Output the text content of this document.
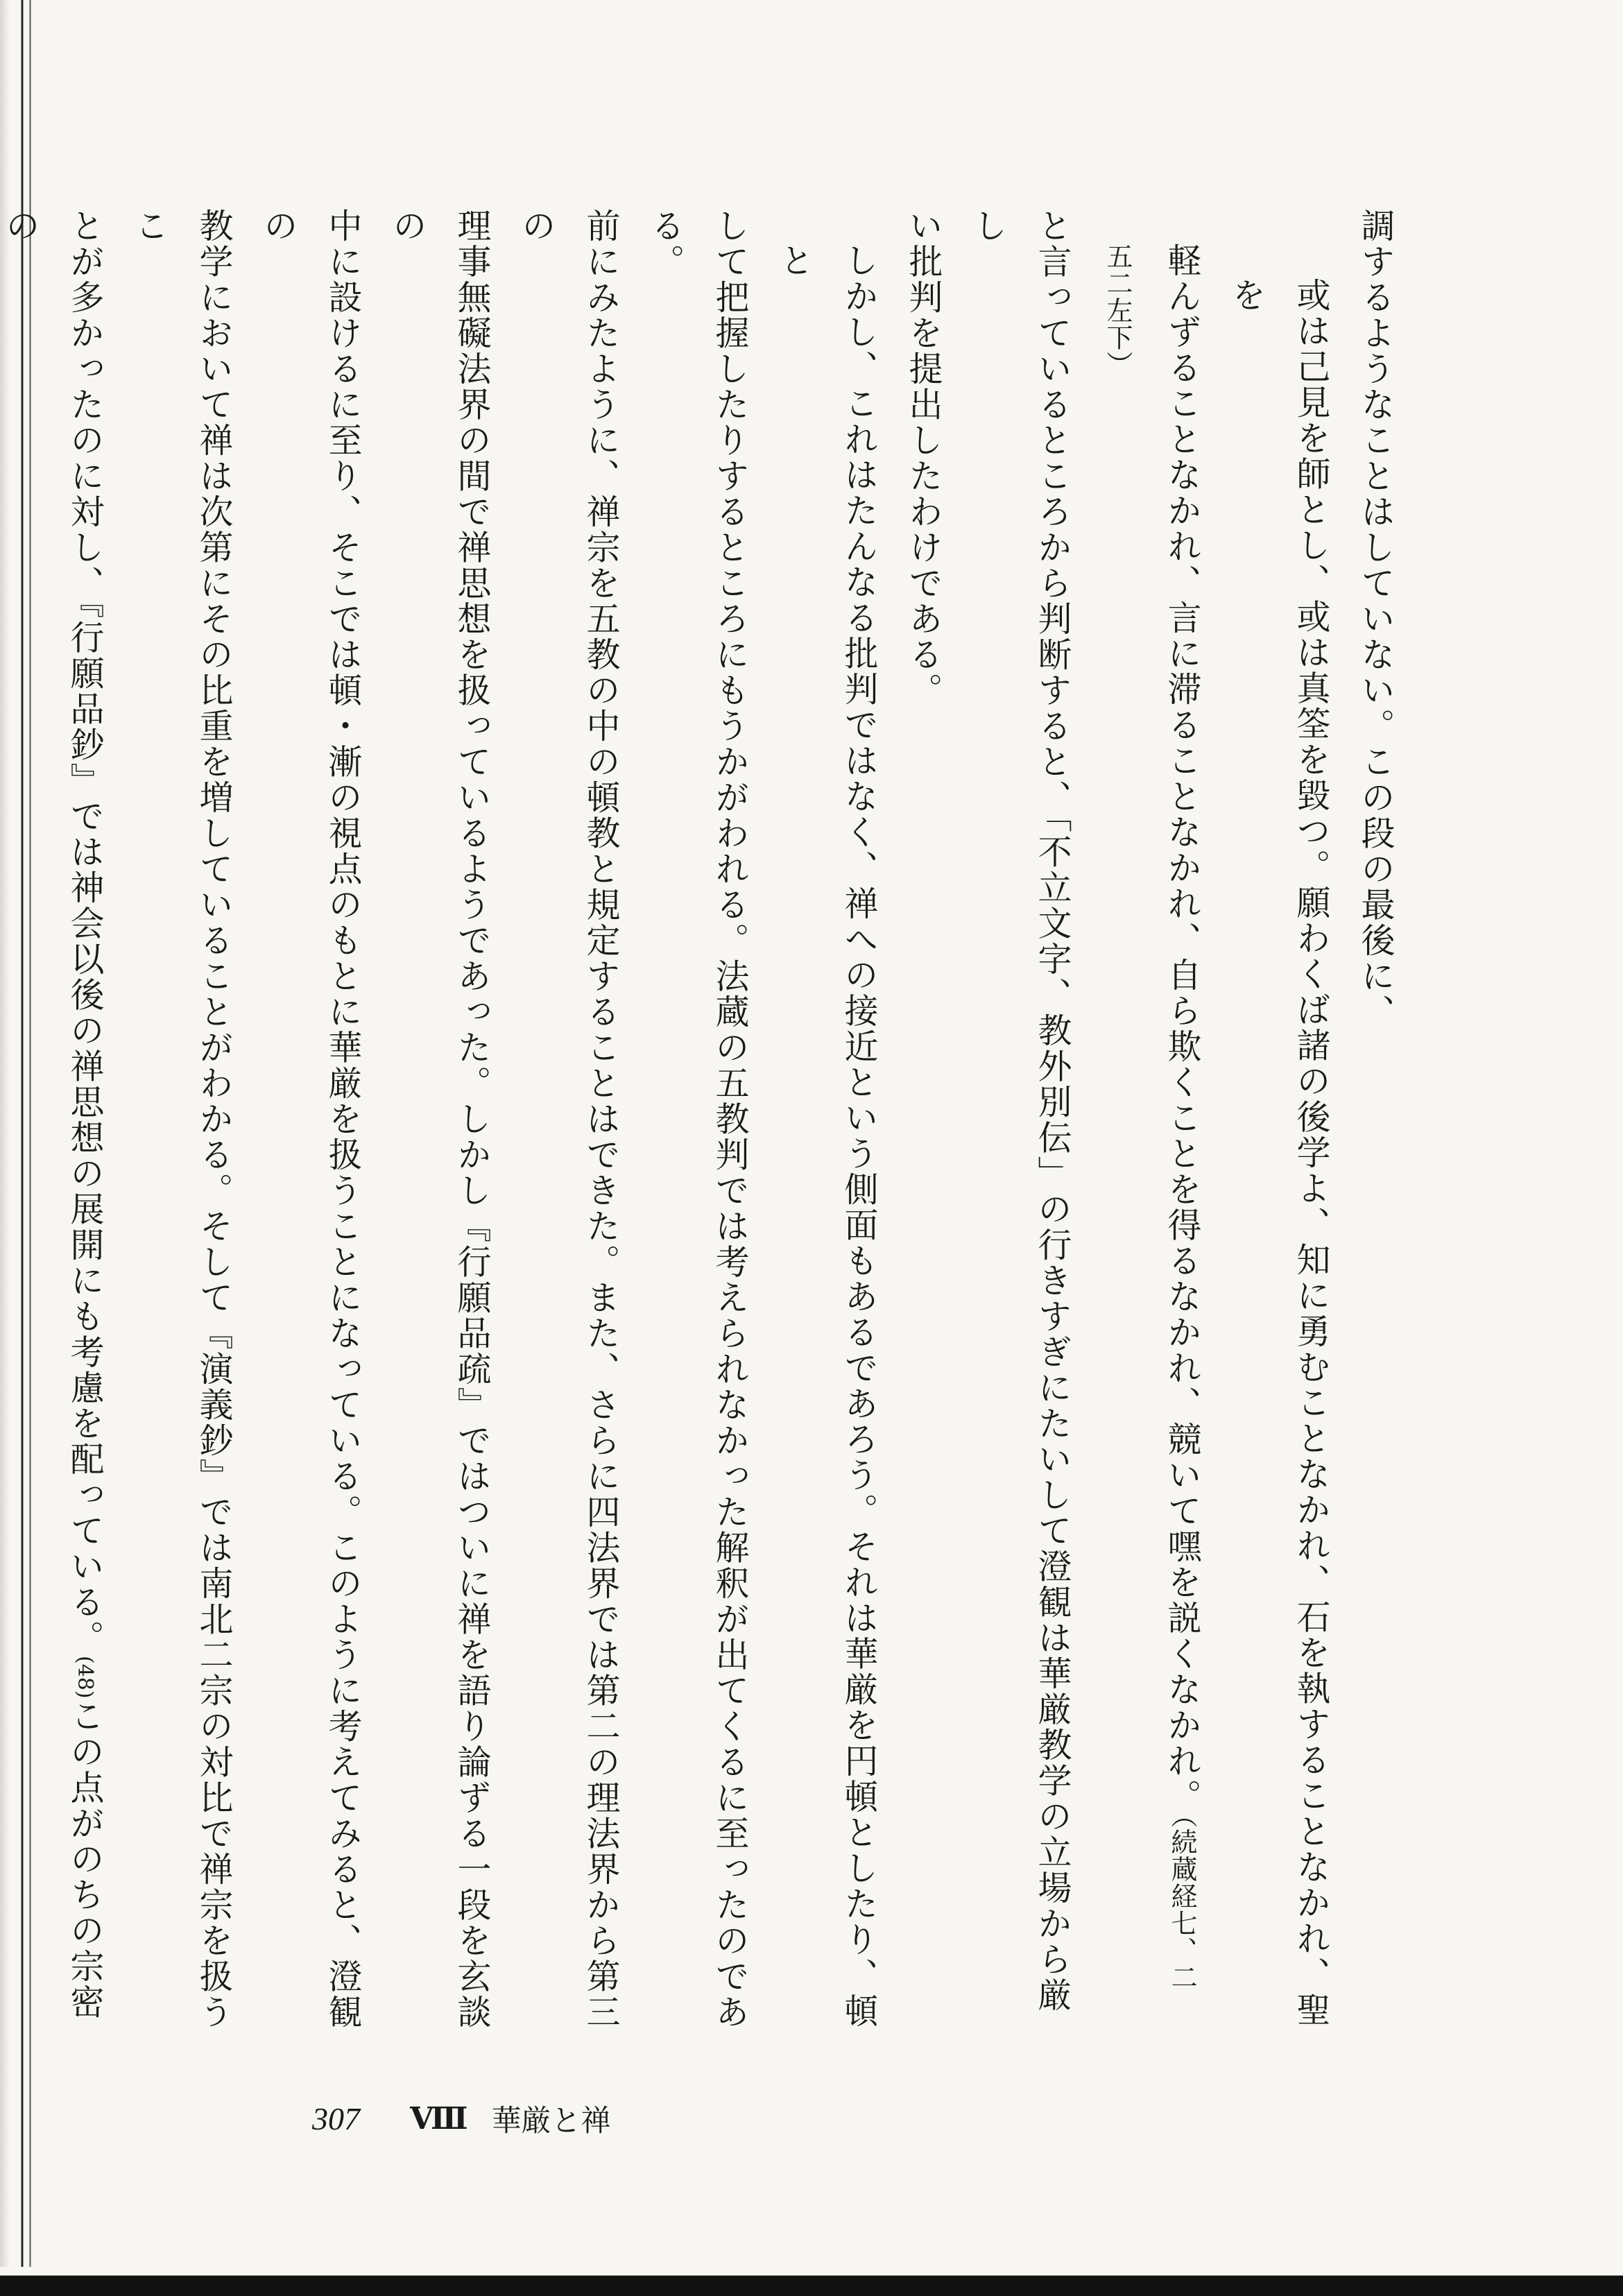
調するようなことはしていない。この段の最後に、

或は己見を師とし、或は真筌を毀つ。願わくば諸の後学よ、知に勇むことなかれ、石を執することなかれ、聖を

軽んずることなかれ、言に滞ることなかれ、自ら欺くことを得るなかれ、競いて嘿を説くなかれ。（続蔵経七、二

五二左下）

と言っているところから判断すると、「不立文字、教外別伝」の行きすぎにたいして澄観は華厳教学の立場から厳し

い批判を提出したわけである。

しかし、これはたんなる批判ではなく、禅への接近という側面もあるであろう。それは華厳を円頓としたり、頓と

して把握したりするところにもうかがわれる。法蔵の五教判では考えられなかった解釈が出てくるに至ったのである。

前にみたように、禅宗を五教の中の頓教と規定することはできた。また、さらに四法界では第二の理法界から第三の

理事無礙法界の間で禅思想を扱っているようであった。しかし『行願品疏』ではついに禅を語り論ずる一段を玄談の

中に設けるに至り、そこでは頓・漸の視点のもとに華厳を扱うことになっている。このように考えてみると、澄観の

教学において禅は次第にその比重を増していることがわかる。そして『演義鈔』では南北二宗の対比で禅宗を扱うこ

とが多かったのに対し、『行願品鈔』では神会以後の禅思想の展開にも考慮を配っている。(48)この点がのちの宗密の

307 Ⅷ 華厳と禅
